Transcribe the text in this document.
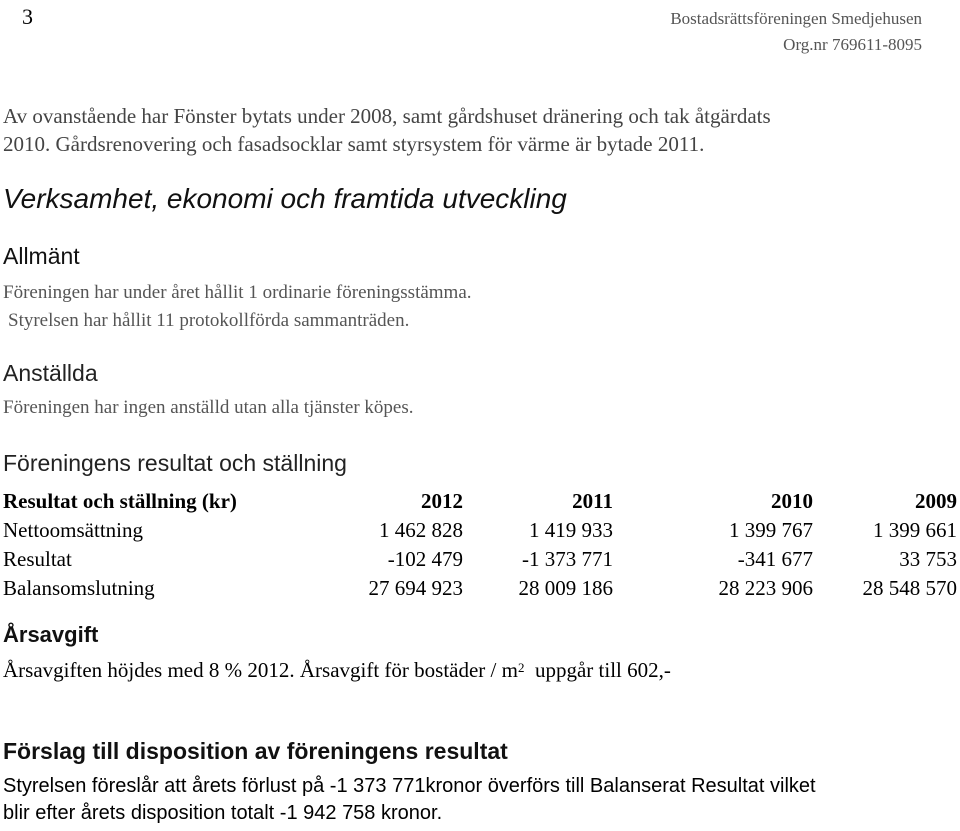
3	Bostadsrättsföreningen Smedjehusen
Org.nr 769611-8095
Av ovanstående har Fönster bytats under 2008, samt gårdshuset dränering och tak åtgärdats
2010. Gårdsrenovering och fasadsocklar samt styrsystem för värme är bytade 2011.
Verksamhet, ekonomi och framtida utveckling
Allmänt
Föreningen har under året hållit 1 ordinarie föreningsstämma.
Styrelsen har hållit 11 protokollförda sammanträden.
Anställda
Föreningen har ingen anställd utan alla tjänster köpes.
Föreningens resultat och ställning
Resultat och ställning (kr)	2012	2011	2010	2009
Nettoomsättning	1 462 828	1 419 933	1 399 767	1 399 661
Resultat	-102 479	-1 373 771	-341 677	33 753
Balansomslutning	27 694 923	28 009 186	28 223 906	28 548 570
Årsavgift
Årsavgiften höjdes med 8 % 2012. Årsavgift för bostäder / $m^2$ uppgår till 602,-
Förslag till disposition av föreningens resultat
Styrelsen föreslår att årets förlust på -1 373 771kronor överförs till Balanserat Resultat vilket
blir efter årets disposition totalt -1 942 758 kronor.
